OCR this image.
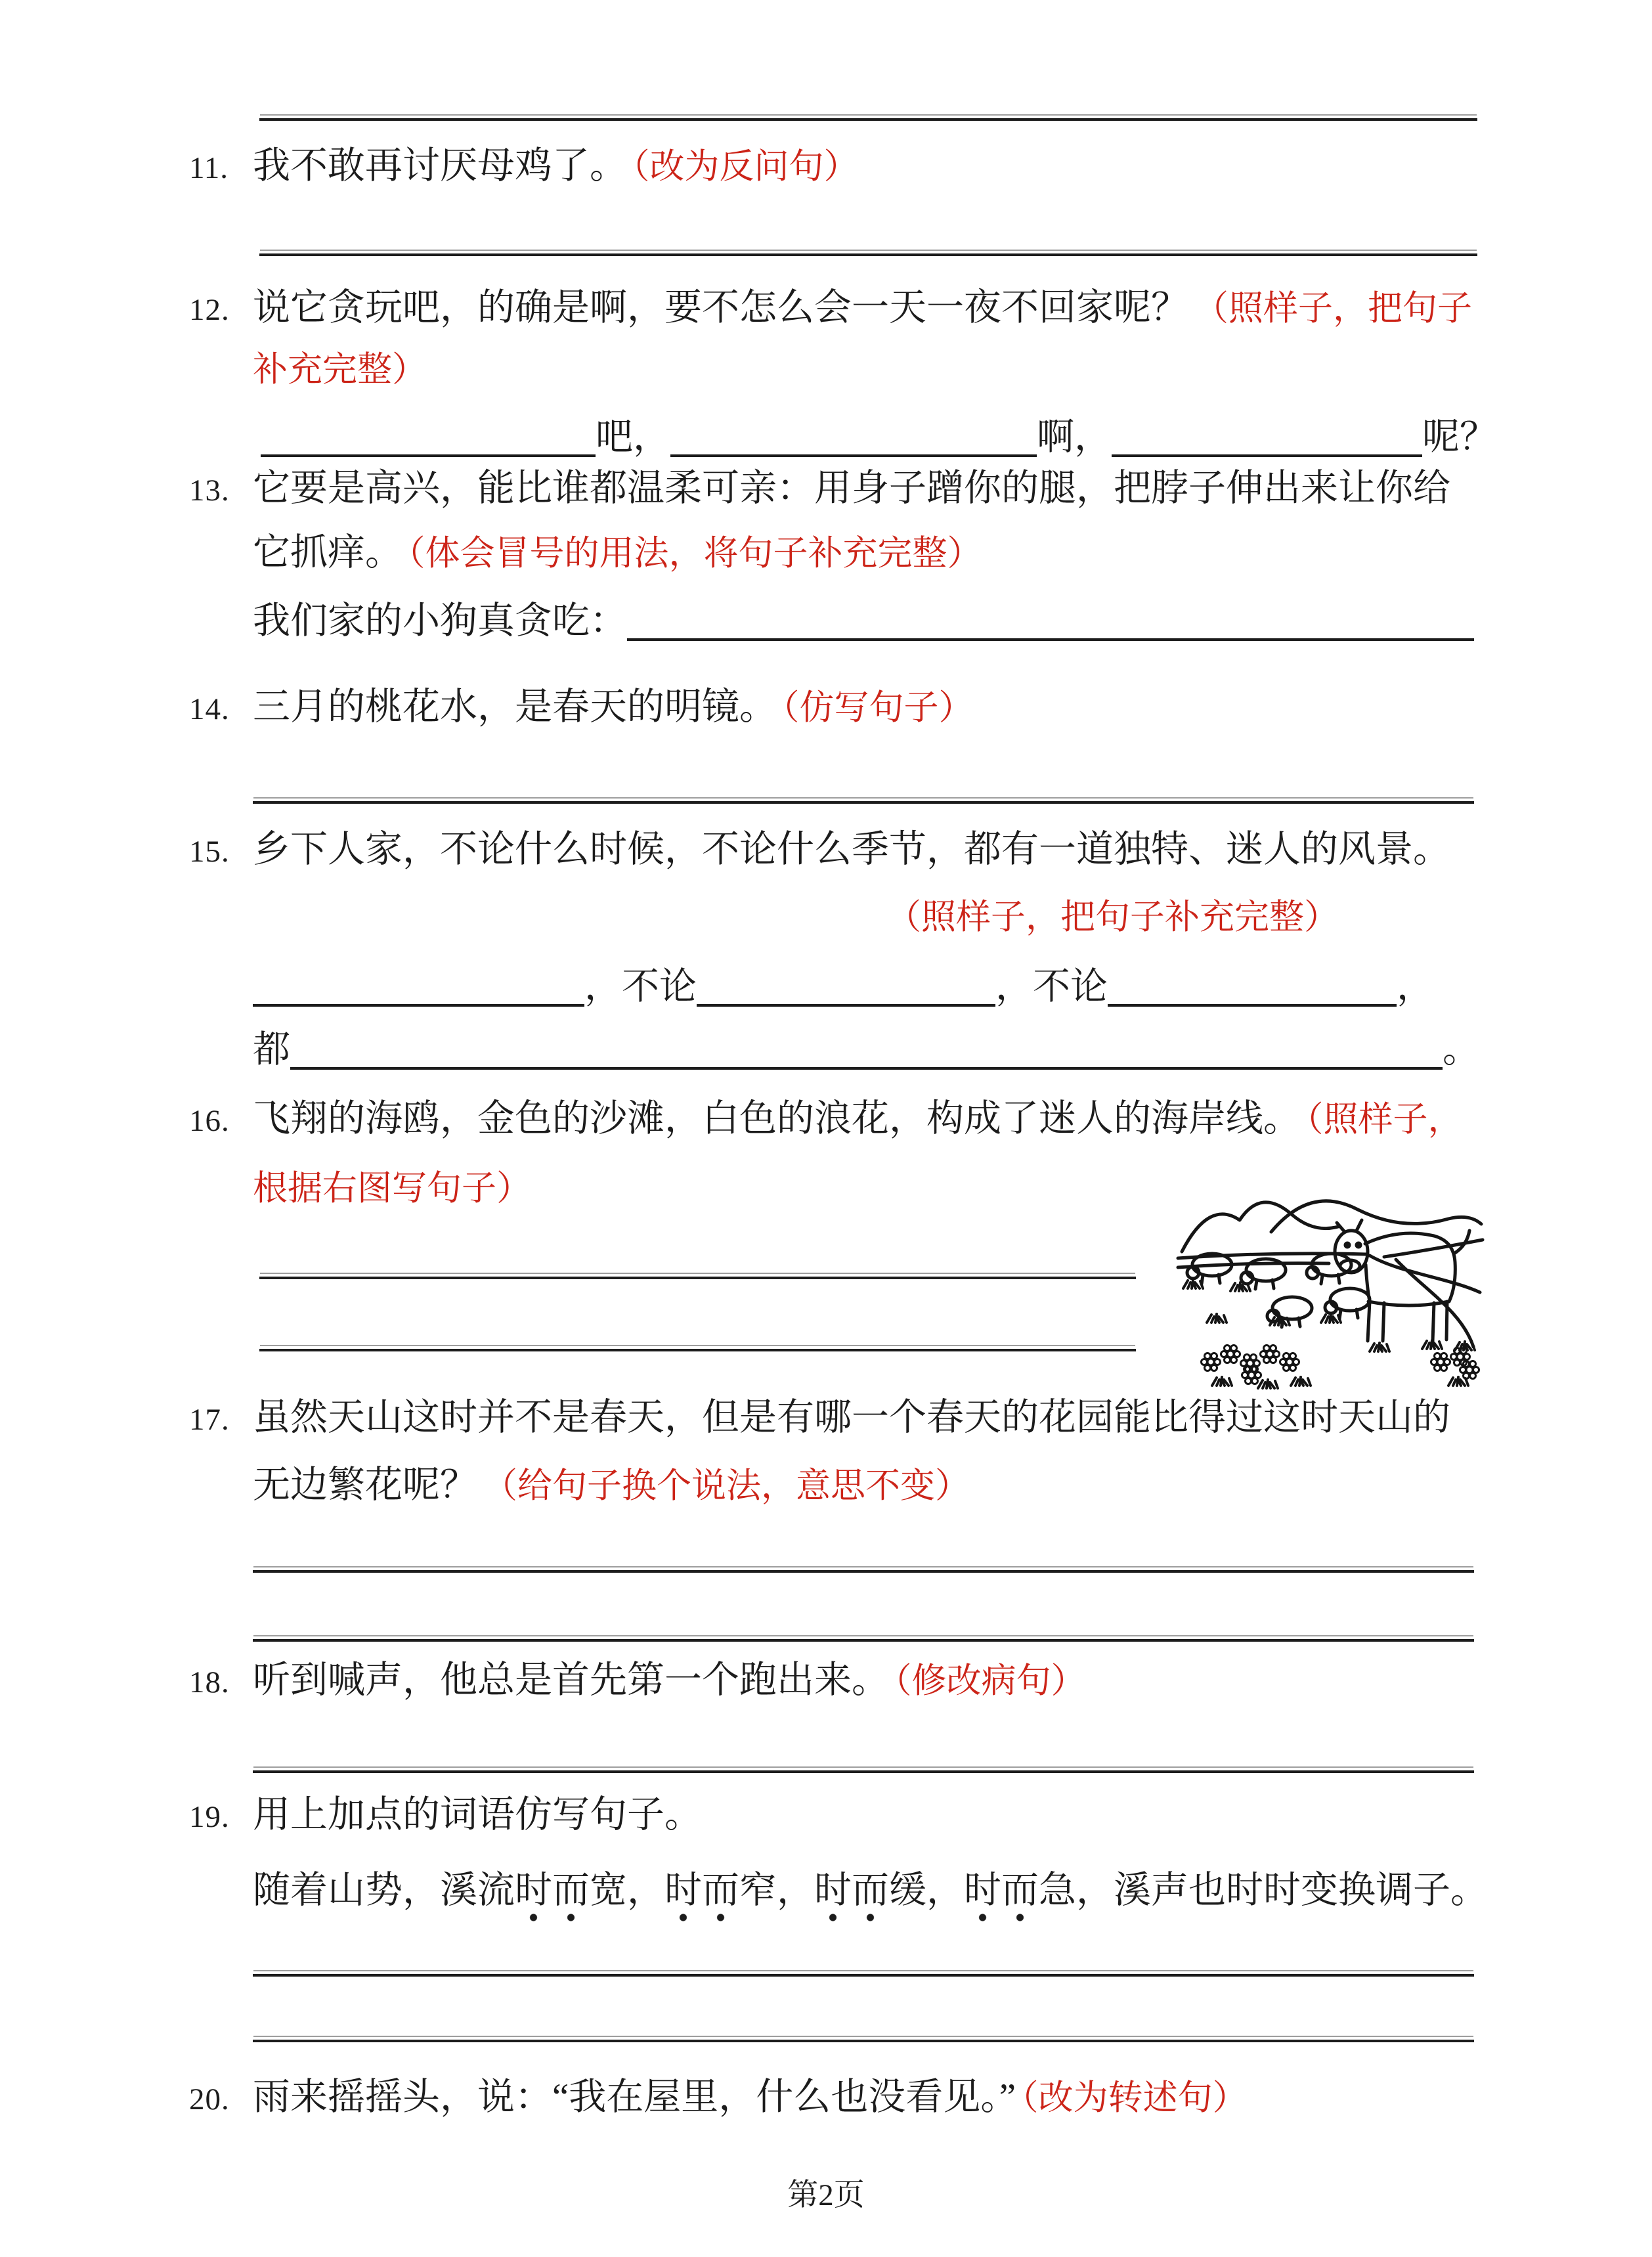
11. 我不敢再讨厌母鸡了。 （改为反问句）
12. 说它贪玩吧，的确是啊，要不怎么会一天一夜不回家呢？ （照样子，把句子
补充完整）
吧，	啊，	呢？
13. 它要是高兴，能比谁都温柔可亲：用身子蹭你的腿，把脖子伸出来让你给
它抓痒。 （体会冒号的用法，将句子补充完整）
我们家的小狗真贪吃：
14. 三月的桃花水，是春天的明镜。 （仿写句子）
15. 乡下人家，不论什么时候，不论什么季节，都有一道独特、迷人的风景。
（照样子，把句子补充完整）
，不论	，不论	，
都	。
16. 飞翔的海鸥，金色的沙滩，白色的浪花，构成了迷人的海岸线。 （照样子，
根据右图写句子）
17. 虽然天山这时并不是春天，但是有哪一个春天的花园能比得过这时天山的
无边繁花呢？ （给句子换个说法，意思不变）
18. 听到喊声，他总是首先第一个跑出来。 （修改病句）
19. 用上加点的词语仿写句子。
随着山势，溪流时而宽，时而窄，时而缓，时而急，溪声也时时变换调子。
20. 雨来摇摇头，说：“我在屋里，什么也没看见。” （改为转述句）
第2页
